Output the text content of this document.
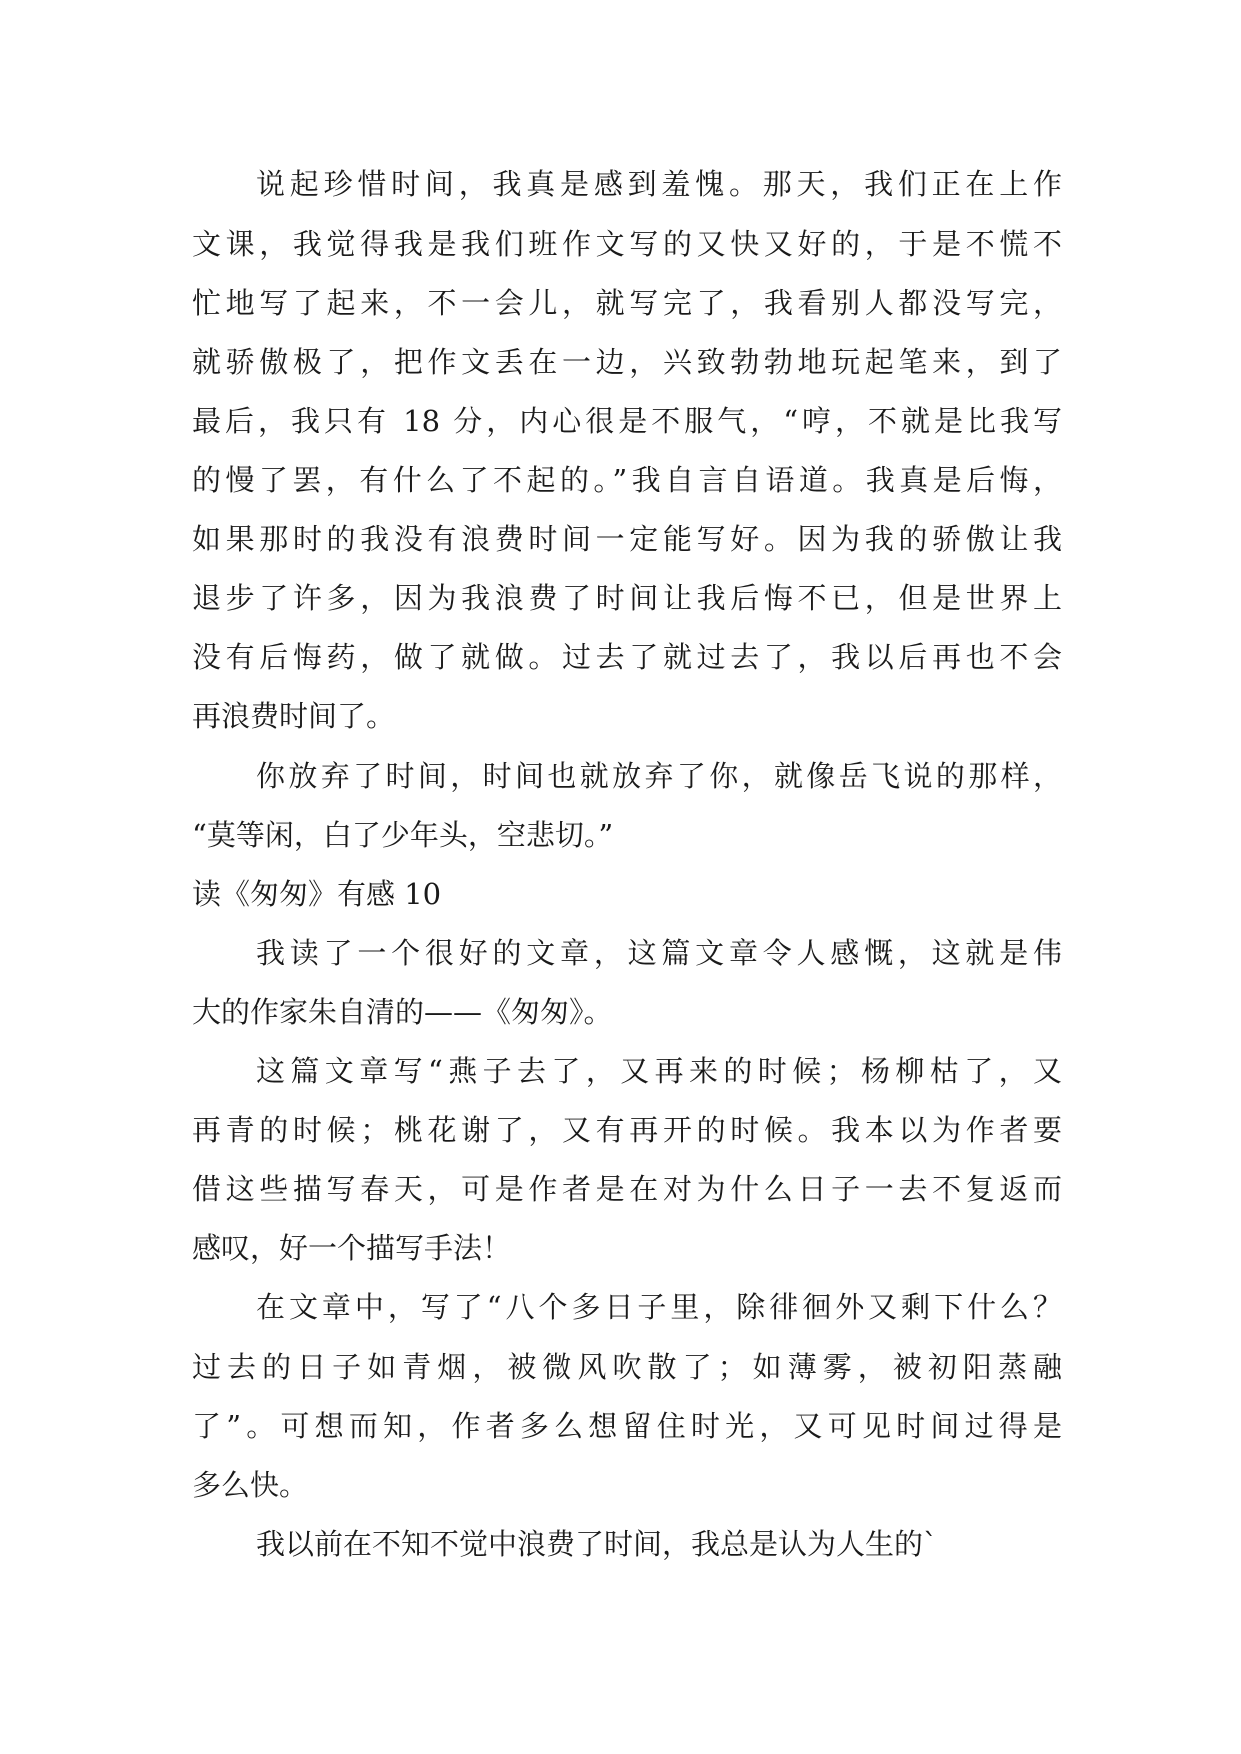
说起珍惜时间，我真是感到羞愧。那天，我们正在上作
文课，我觉得我是我们班作文写的又快又好的，于是不慌不
忙地写了起来，不一会儿，就写完了，我看别人都没写完，
就骄傲极了，把作文丢在一边，兴致勃勃地玩起笔来，到了
最后，我只有 18 分，内心很是不服气，“哼，不就是比我写
的慢了罢，有什么了不起的。”我自言自语道。我真是后悔，
如果那时的我没有浪费时间一定能写好。因为我的骄傲让我
退步了许多，因为我浪费了时间让我后悔不已，但是世界上
没有后悔药，做了就做。过去了就过去了，我以后再也不会
再浪费时间了。
你放弃了时间，时间也就放弃了你，就像岳飞说的那样，
“莫等闲，白了少年头，空悲切。”
读《匆匆》有感 10
我读了一个很好的文章，这篇文章令人感慨，这就是伟
大的作家朱自清的——《匆匆》。
这篇文章写“燕子去了，又再来的时候；杨柳枯了，又
再青的时候；桃花谢了，又有再开的时候。我本以为作者要
借这些描写春天，可是作者是在对为什么日子一去不复返而
感叹，好一个描写手法！
在文章中，写了“八个多日子里，除徘徊外又剩下什么？
过去的日子如青烟，被微风吹散了；如薄雾，被初阳蒸融
了”。可想而知，作者多么想留住时光，又可见时间过得是
多么快。
我以前在不知不觉中浪费了时间，我总是认为人生的`
